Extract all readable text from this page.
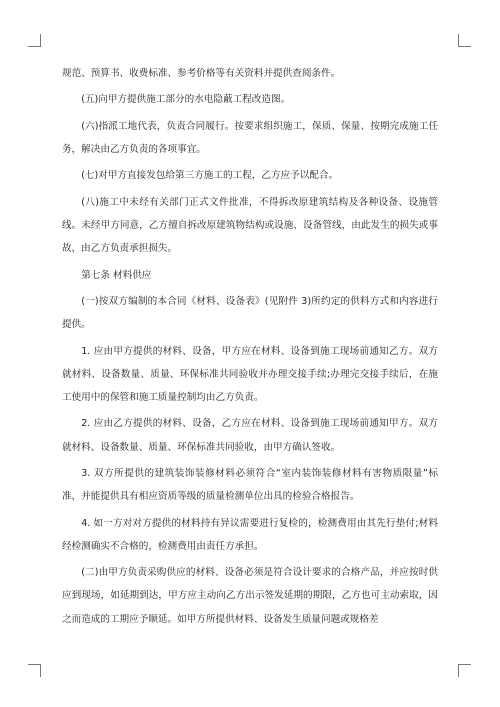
规范、预算书、收费标准、参考价格等有关资料并提供查阅条件。

(五)向甲方提供施工部分的水电隐蔽工程改造图。

(六)指派工地代表，负责合同履行。按要求组织施工，保质、保量、按期完成施工任务，解决由乙方负责的各项事宜。

(七)对甲方直接发包给第三方施工的工程，乙方应予以配合。

(八)施工中未经有关部门正式文件批准，不得拆改原建筑结构及各种设备、设施管线。未经甲方同意，乙方擅自拆改原建筑物结构或设施、设备管线，由此发生的损失或事故，由乙方负责承担损失。

第七条 材料供应

(一)按双方编制的本合同《材料、设备表》(见附件 3)所约定的供料方式和内容进行提供。

1. 应由甲方提供的材料、设备，甲方应在材料、设备到施工现场前通知乙方。双方就材料、设备数量、质量、环保标准共同验收并办理交接手续;办理完交接手续后，在施工使用中的保管和施工质量控制均由乙方负责。

2. 应由乙方提供的材料、设备，乙方应在材料、设备到施工现场前通知甲方。双方就材料、设备数量、质量、环保标准共同验收，由甲方确认签收。

3. 双方所提供的建筑装饰装修材料必须符合“室内装饰装修材料有害物质限量”标准，并能提供具有相应资质等级的质量检测单位出具的检验合格报告。

4. 如一方对对方提供的材料持有异议需要进行复检的，检测费用由其先行垫付;材料经检测确实不合格的，检测费用由责任方承担。

(二)由甲方负责采购供应的材料、设备必须是符合设计要求的合格产品，并应按时供应到现场，如延期到达，甲方应主动向乙方出示签发延期的期限，乙方也可主动索取，因之而造成的工期应予顺延。如甲方所提供材料、设备发生质量问题或规格差
